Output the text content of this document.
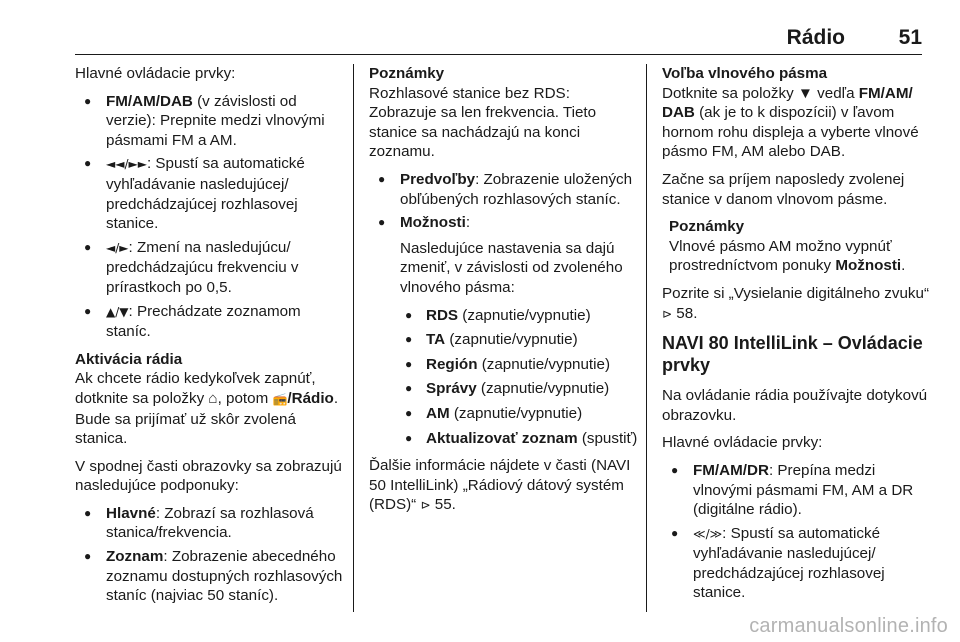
Rádio	51

Hlavné ovládacie prvky:

● FM/AM/DAB (v závislosti od verzie): Prepnite medzi vlnovými pásmami FM a AM.
● ◄◄/►►: Spustí sa automatické vyhľadávanie nasledujúcej/ predchádzajúcej rozhlasovej stanice.
● ◄/►: Zmení na nasledujúcu/ predchádzajúcu frekvenciu v prírastkoch po 0,5.
● ▲/▼: Prechádzate zoznamom staníc.
Aktivácia rádia

Ak chcete rádio kedykoľvek zapnúť, dotknite sa položky ⌂, potom 📻/Rádio. Bude sa prijímať už skôr zvolená stanica.

V spodnej časti obrazovky sa zobrazujú nasledujúce podponuky:

● Hlavné: Zobrazí sa rozhlasová stanica/frekvencia.
● Zoznam: Zobrazenie abecedného zoznamu dostupných rozhlasových staníc (najviac 50 staníc).
Poznámky

Rozhlasové stanice bez RDS: Zobrazuje sa len frekvencia. Tieto stanice sa nachádzajú na konci zoznamu.

● Predvoľby: Zobrazenie uložených obľúbených rozhlasových staníc.
● Možnosti:
Nasledujúce nastavenia sa dajú zmeniť, v závislosti od zvoleného vlnového pásma:
● RDS (zapnutie/vypnutie)
● TA (zapnutie/vypnutie)
● Región (zapnutie/vypnutie)
● Správy (zapnutie/vypnutie)
● AM (zapnutie/vypnutie)
● Aktualizovať zoznam (spustiť)

Ďalšie informácie nájdete v časti (NAVI 50 IntelliLink) „Rádiový dátový systém (RDS)“ ⊳ 55.

Voľba vlnového pásma

Dotknite sa položky ▼ vedľa FM/AM/ DAB (ak je to k dispozícii) v ľavom hornom rohu displeja a vyberte vlnové pásmo FM, AM alebo DAB.

Začne sa príjem naposledy zvolenej stanice v danom vlnovom pásme.

Poznámky
Vlnové pásmo AM možno vypnúť prostredníctvom ponuky Možnosti.

Pozrite si „Vysielanie digitálneho zvuku“ ⊳ 58.

NAVI 80 IntelliLink – Ovládacie prvky

Na ovládanie rádia používajte dotykovú obrazovku.

Hlavné ovládacie prvky:

● FM/AM/DR: Prepína medzi vlnovými pásmami FM, AM a DR (digitálne rádio).
● ≪/≫: Spustí sa automatické vyhľadávanie nasledujúcej/ predchádzajúcej rozhlasovej stanice.
carmanualsonline.info
